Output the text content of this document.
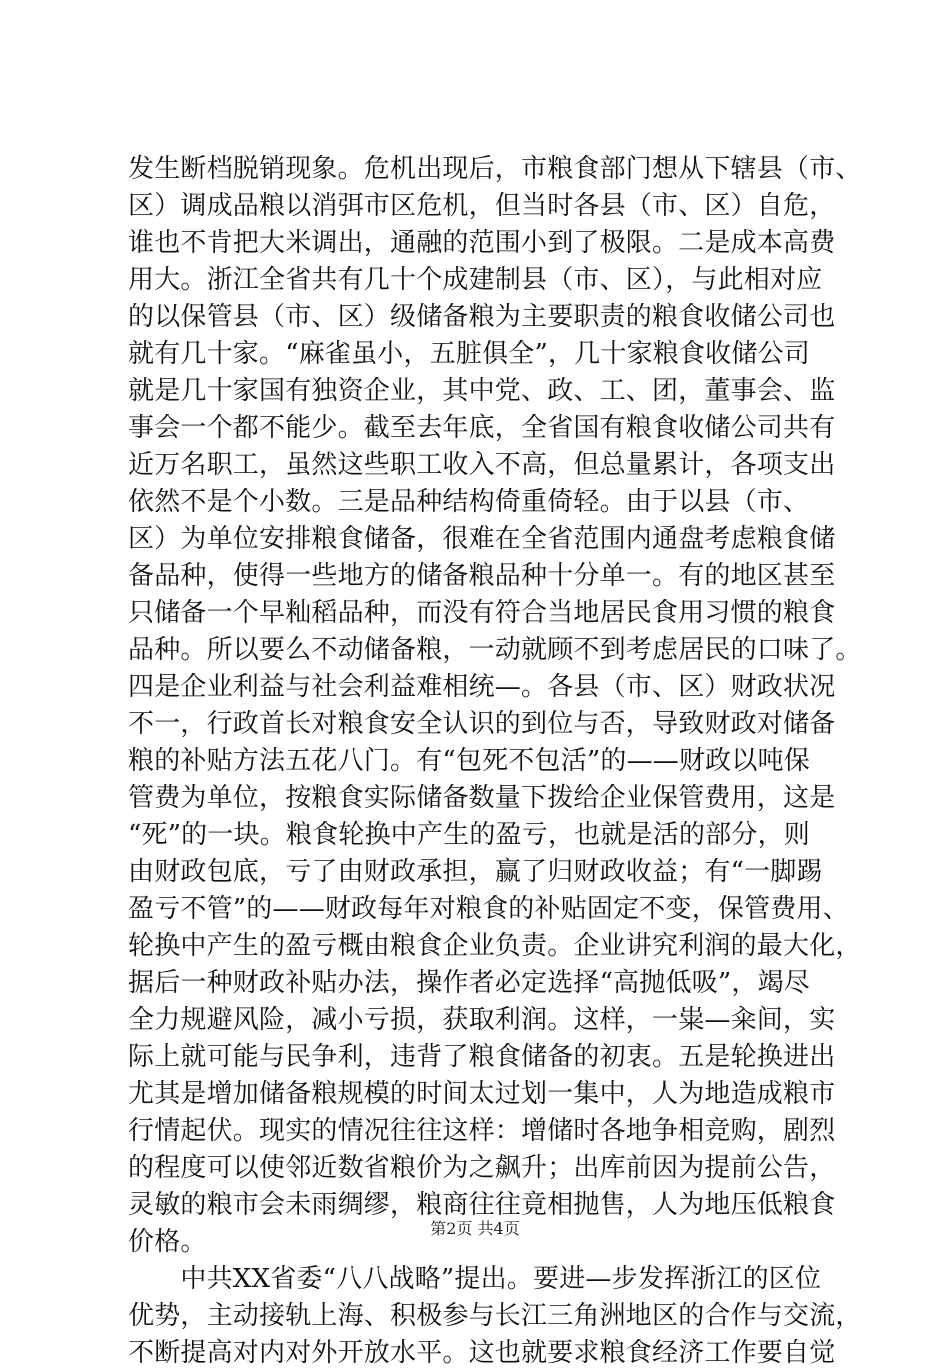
发生断档脱销现象。危机出现后，市粮食部门想从下辖县（市、
区）调成品粮以消弭市区危机，但当时各县（市、区）自危，
谁也不肯把大米调出，通融的范围小到了极限。二是成本高费
用大。浙江全省共有几十个成建制县（市、区），与此相对应
的以保管县（市、区）级储备粮为主要职责的粮食收储公司也
就有几十家。“麻雀虽小，五脏俱全”，几十家粮食收储公司
就是几十家国有独资企业，其中党、政、工、团，董事会、监
事会一个都不能少。截至去年底，全省国有粮食收储公司共有
近万名职工，虽然这些职工收入不高，但总量累计，各项支出
依然不是个小数。三是品种结构倚重倚轻。由于以县（市、
区）为单位安排粮食储备，很难在全省范围内通盘考虑粮食储
备品种，使得一些地方的储备粮品种十分单一。有的地区甚至
只储备一个早籼稻品种，而没有符合当地居民食用习惯的粮食
品种。所以要么不动储备粮，一动就顾不到考虑居民的口味了。
四是企业利益与社会利益难相统—。各县（市、区）财政状况
不一，行政首长对粮食安全认识的到位与否，导致财政对储备
粮的补贴方法五花八门。有“包死不包活”的——财政以吨保
管费为单位，按粮食实际储备数量下拨给企业保管费用，这是
“死”的一块。粮食轮换中产生的盈亏，也就是活的部分，则
由财政包底，亏了由财政承担，赢了归财政收益；有“一脚踢
盈亏不管”的——财政每年对粮食的补贴固定不变，保管费用、
轮换中产生的盈亏概由粮食企业负责。企业讲究利润的最大化，
据后一种财政补贴办法，操作者必定选择“高抛低吸”，竭尽
全力规避风险，减小亏损，获取利润。这样，一粜—籴间，实
际上就可能与民争利，违背了粮食储备的初衷。五是轮换进出
尤其是增加储备粮规模的时间太过划一集中，人为地造成粮市
行情起伏。现实的情况往往这样：增储时各地争相竞购，剧烈
的程度可以使邻近数省粮价为之飙升；出库前因为提前公告，
灵敏的粮市会未雨绸缪，粮商往往竟相抛售，人为地压低粮食
价格。
　　中共XX省委“八八战略”提出。要进—步发挥浙江的区位
优势，主动接轨上海、积极参与长江三角洲地区的合作与交流，
不断提高对内对外开放水平。这也就要求粮食经济工作要自觉
第2页 共4页
